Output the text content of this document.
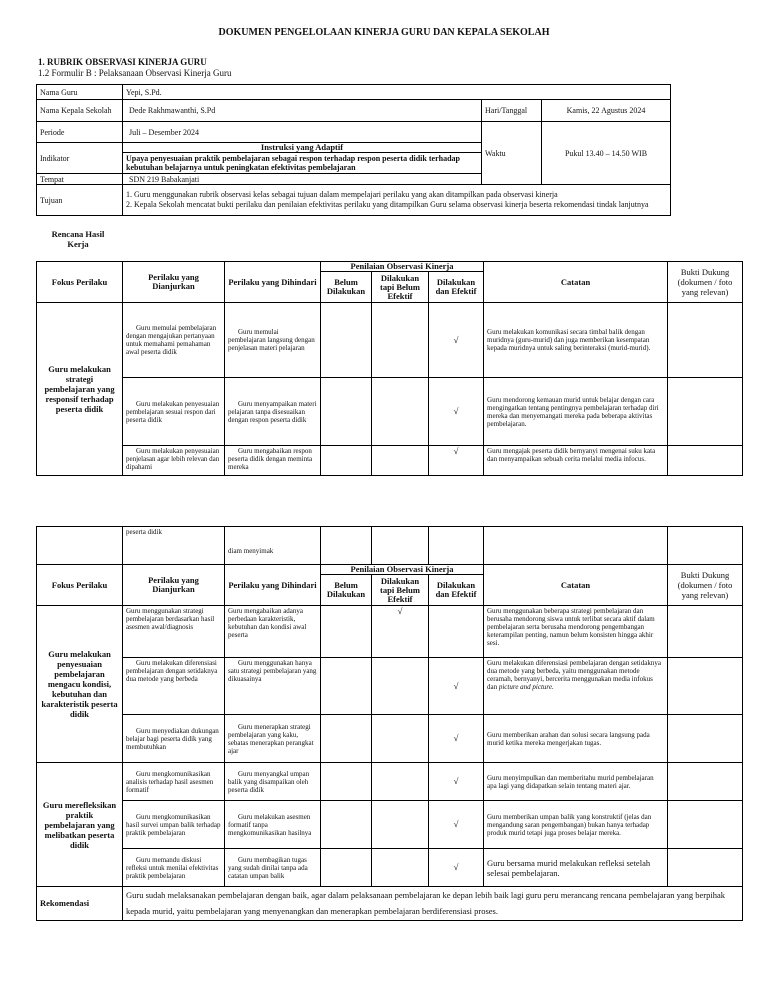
DOKUMEN PENGELOLAAN KINERJA GURU DAN KEPALA SEKOLAH
1. RUBRIK OBSERVASI KINERJA GURU
1.2 Formulir B : Pelaksanaan Observasi Kinerja Guru
Nama Guru	Yepi, S.Pd.		
Nama Kepala Sekolah	Dede Rakhmawanthi, S.Pd	Hari/Tanggal	Kamis, 22 Agustus 2024
Periode	Juli – Desember 2024	Waktu	Pukul 13.40 – 14.50 WIB
Indikator	Instruksi yang Adaptif
Upaya penyesuaian praktik pembelajaran sebagai respon terhadap respon peserta didik terhadap kebutuhan belajarnya untuk peningkatan efektivitas pembelajaran		

Tempat	SDN 219 Babakanjati		
Tujuan	1. Guru menggunakan rubrik observasi kelas sebagai tujuan dalam mempelajari perilaku yang akan ditampilkan pada observasi kinerja
2. Kepala Sekolah mencatat bukti perilaku dan penilaian efektivitas perilaku yang ditampilkan Guru selama observasi kinerja beserta rekomendasi tindak lanjutnya		
Rencana Hasil Kerja
Fokus Perilaku	Perilaku yang Dianjurkan	Perilaku yang Dihindari	Penilaian Observasi Kinerja			Catatan	Bukti Dukung (dokumen / foto yang relevan)
			Belum Dilakukan	Dilakukan tapi Belum Efektif	Dilakukan dan Efektif		
Guru melakukan strategi pembelajaran yang responsif terhadap peserta didik	Guru memulai pembelajaran dengan mengajukan pertanyaan untuk memahami pemahaman awal peserta didik	Guru memulai pembelajaran langsung dengan penjelasan materi pelajaran			√	Guru melakukan komunikasi secara timbal balik dengan muridnya (guru-murid) dan juga memberikan kesempatan kepada muridnya untuk saling berinteraksi (murid-murid).	
	Guru melakukan penyesuaian pembelajaran sesuai respon dari peserta didik	Guru menyampaikan materi pelajaran tanpa disesuaikan dengan respon peserta didik			√	Guru mendorong kemauan murid untuk belajar dengan cara mengingatkan tentang pentingnya pembelajaran terhadap diri mereka dan menyemangati mereka pada beberapa aktivitas pembelajaran.	
	Guru melakukan penyesuaian penjelasan agar lebih relevan dan dipahami	Guru mengabaikan respon peserta didik dengan meminta mereka			√	Guru mengajak peserta didik bernyanyi mengenai suku kata dan menyampaikan sebuah cerita melalui media infocus.	
	peserta didik	diam menyimak					
Fokus Perilaku	Perilaku yang Dianjurkan	Perilaku yang Dihindari	Penilaian Observasi Kinerja			Catatan	Bukti Dukung (dokumen / foto yang relevan)
			Belum Dilakukan	Dilakukan tapi Belum Efektif	Dilakukan dan Efektif		
Guru melakukan penyesuaian pembelajaran mengacu kondisi, kebutuhan dan karakteristik peserta didik	Guru menggunakan strategi pembelajaran berdasarkan hasil asesmen awal/diagnosis	Guru mengabaikan adanya perbedaan karakteristik, kebutuhan dan kondisi awal peserta		√		Guru menggunakan beberapa strategi pembelajaran dan berusaha mendorong siswa untuk terlibat secara aktif dalam pembelajaran serta berusaha mendorong pengembangan keterampilan penting, namun belum konsisten hingga akhir sesi.	
	Guru melakukan diferensiasi pembelajaran dengan setidaknya dua metode yang berbeda	Guru menggunakan hanya satu strategi pembelajaran yang dikuasainya			√	Guru melakukan diferensiasi pembelajaran dengan setidaknya dua metode yang berbeda, yaitu menggunakan metode ceramah, bernyanyi, bercerita menggunakan media infokus dan picture and picture.	
	Guru menyediakan dukungan belajar bagi peserta didik yang membutuhkan	Guru menerapkan strategi pembelajaran yang kaku, sebatas menerapkan perangkat ajar			√	Guru memberikan arahan dan solusi secara langsung pada murid ketika mereka mengerjakan tugas.	
Guru merefleksikan praktik pembelajaran yang melibatkan peserta didik	Guru mengkomunikasikan analisis terhadap hasil asesmen formatif	Guru menyangkal umpan balik yang disampaikan oleh peserta didik			√	Guru menyimpulkan dan memberitahu murid pembelajaran apa lagi yang didapatkan selain tentang materi ajar.	
	Guru mengkomunikasikan hasil survei umpan balik terhadap praktik pembelajaran	Guru melakukan asesmen formatif tanpa mengkomunikasikan hasilnya			√	Guru memberikan umpan balik yang konstruktif (jelas dan mengandung saran pengembangan) bukan hanya terhadap produk murid tetapi juga proses belajar mereka.	
	Guru memandu diskusi refleksi untuk menilai efektivitas praktik pembelajaran	Guru membagikan tugas yang sudah dinilai tanpa ada catatan umpan balik			√	Guru bersama murid melakukan refleksi setelah selesai pembelajaran.	
Rekomendasi	Guru sudah melaksanakan pembelajaran dengan baik, agar dalam pelaksanaan pembelajaran ke depan lebih baik lagi guru peru merancang rencana pembelajaran yang berpihak kepada murid, yaitu pembelajaran yang menyenangkan dan menerapkan pembelajaran berdiferensiasi proses.						
